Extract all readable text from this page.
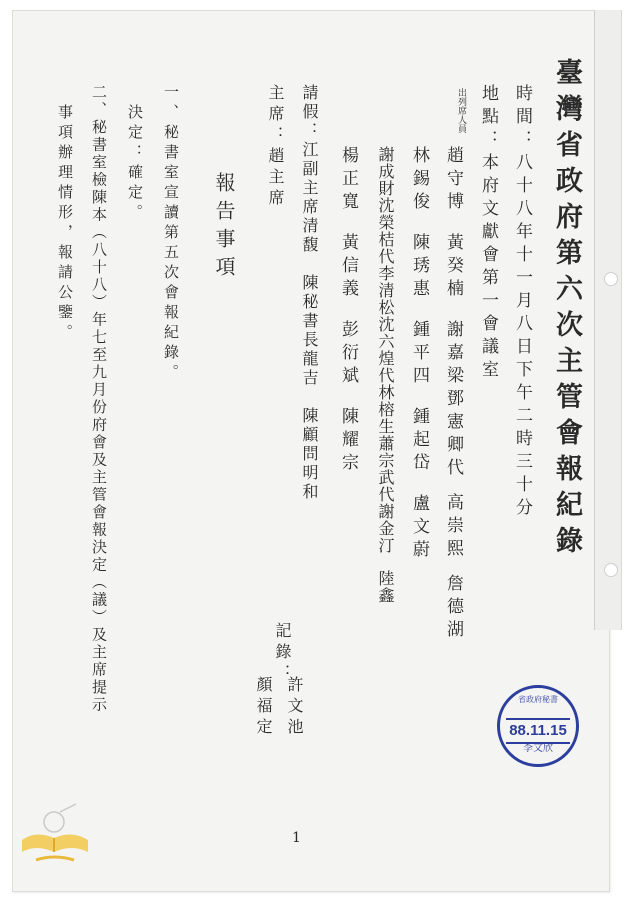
臺灣省政府第六次主管會報紀錄
時間：八十八年十一月八日下午二時三十分
地點：本府文獻會第一會議室
出列席人員
趙守博黃癸楠謝嘉梁鄧憲卿代高崇熙詹德湖
林錫俊陳琇惠鍾平四鍾起岱盧文蔚
謝成財沈榮桔代李清松沈六煌代林榕生蕭宗武代謝金汀陸鑫
楊正寬黃信義彭衍斌陳耀宗
請假：江副主席清馥　陳秘書長龍吉　陳顧問明和
主席：趙主席
記錄：
許文池
顏福定
報告事項
一、秘書室宣讀第五次會報紀錄。
決定：確定。
二、秘書室檢陳本（八十八）年七至九月份府會及主管會報決定（議）及主席提示
事項辦理情形，報請公鑒。
1
省政府秘書
88.11.15
李文欣
